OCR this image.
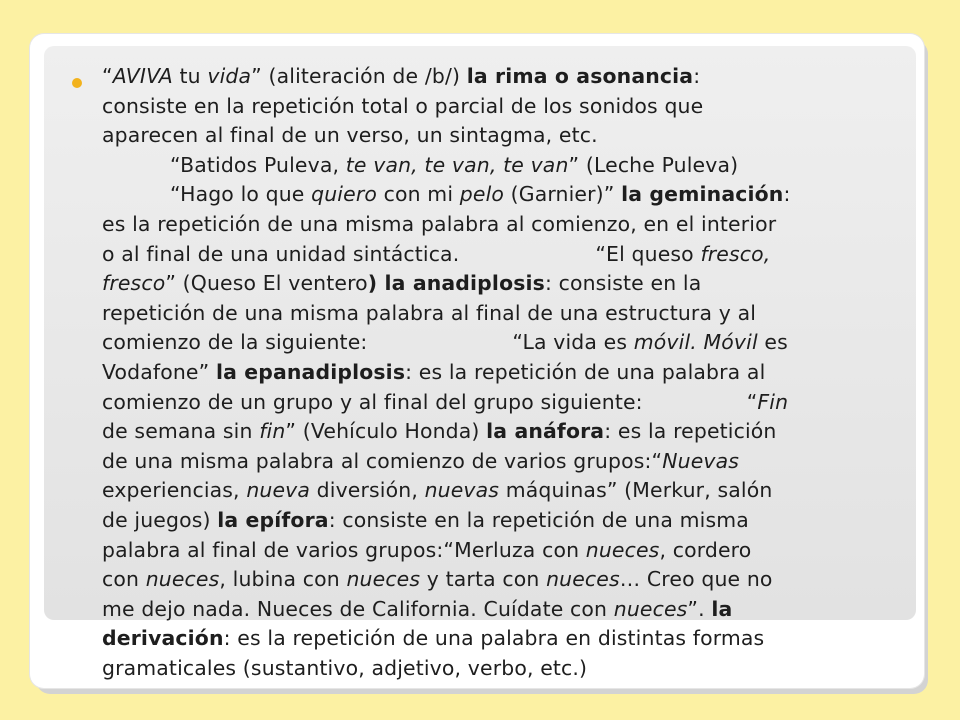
“AVIVA tu vida” (aliteración de /b/) la rima o asonancia:
consiste en la repetición total o parcial de los sonidos que
aparecen al final de un verso, un sintagma, etc.
“Batidos Puleva, te van, te van, te van” (Leche Puleva)
“Hago lo que quiero con mi pelo (Garnier)” la geminación:
es la repetición de una misma palabra al comienzo, en el interior
o al final de una unidad sintáctica.	“El queso fresco,
fresco” (Queso El ventero) la anadiplosis: consiste en la
repetición de una misma palabra al final de una estructura y al
comienzo de la siguiente:	“La vida es móvil. Móvil es
Vodafone” la epanadiplosis: es la repetición de una palabra al
comienzo de un grupo y al final del grupo siguiente:	“Fin
de semana sin fin” (Vehículo Honda) la anáfora: es la repetición
de una misma palabra al comienzo de varios grupos:“Nuevas
experiencias, nueva diversión, nuevas máquinas” (Merkur, salón
de juegos) la epífora: consiste en la repetición de una misma
palabra al final de varios grupos:“Merluza con nueces, cordero
con nueces, lubina con nueces y tarta con nueces… Creo que no
me dejo nada. Nueces de California. Cuídate con nueces”. la
derivación: es la repetición de una palabra en distintas formas
gramaticales (sustantivo, adjetivo, verbo, etc.)
